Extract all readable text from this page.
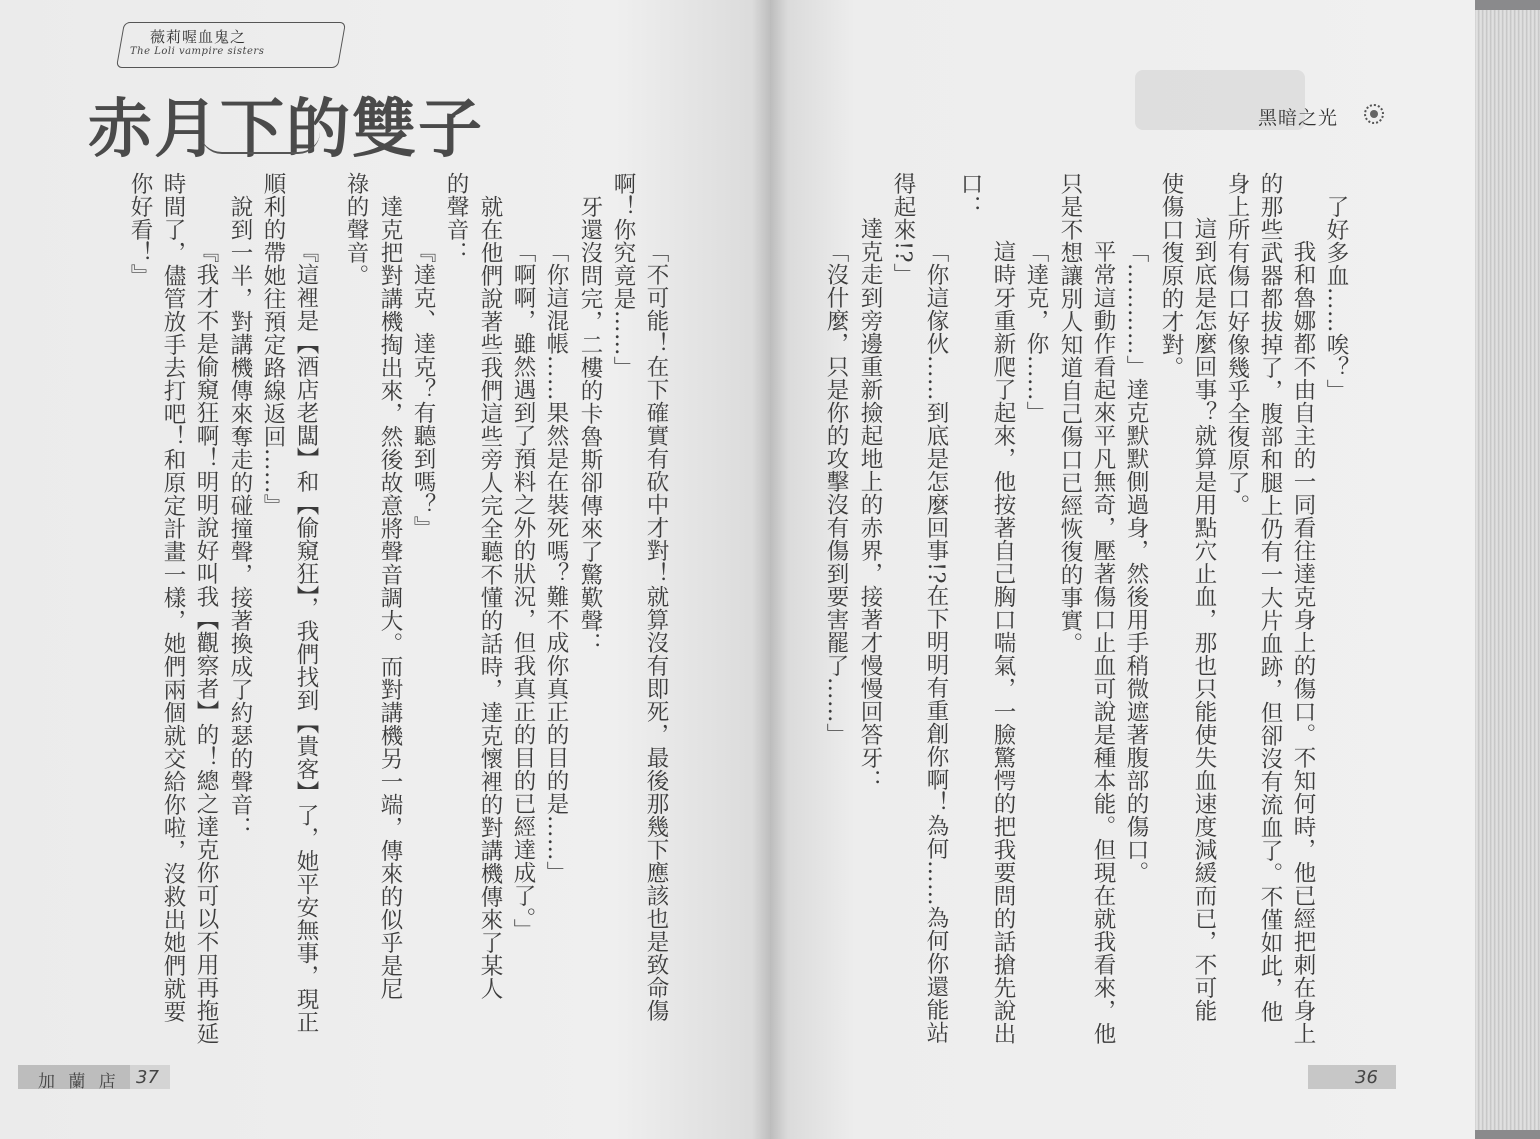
薇莉喔血鬼之
The Loli vampire sisters
赤月下的雙子
「不可能！在下確實有砍中才對！就算沒有即死，最後那幾下應該也是致命傷
啊！你究竟是……」
牙還沒問完，二樓的卡魯斯卻傳來了驚歎聲：
「你這混帳……果然是在裝死嗎？難不成你真正的目的是……」
「啊啊，雖然遇到了預料之外的狀況，但我真正的目的已經達成了。」
就在他們說著些我們這些旁人完全聽不懂的話時，達克懷裡的對講機傳來了某人
的聲音：
『達克、達克？有聽到嗎？』
達克把對講機掏出來，然後故意將聲音調大。而對講機另一端，傳來的似乎是尼
祿的聲音。
『這裡是【酒店老闆】和【偷窺狂】，我們找到【貴客】了，她平安無事，現正
順利的帶她往預定路線返回……』
說到一半，對講機傳來奪走的碰撞聲，接著換成了約瑟的聲音：
『我才不是偷窺狂啊！明明說好叫我【觀察者】的！總之達克你可以不用再拖延
時間了，儘管放手去打吧！和原定計畫一樣，她們兩個就交給你啦，沒救出她們就要
你好看！』
加 蘭 店 37
黑暗之光
了好多血……唉？」
我和魯娜都不由自主的一同看往達克身上的傷口。不知何時，他已經把刺在身上
的那些武器都拔掉了，腹部和腿上仍有一大片血跡，但卻沒有流血了。不僅如此，他
身上所有傷口好像幾乎全復原了。
這到底是怎麼回事？就算是用點穴止血，那也只能使失血速度減緩而已，不可能
使傷口復原的才對。
「…………」達克默默側過身，然後用手稍微遮著腹部的傷口。
平常這動作看起來平凡無奇，壓著傷口止血可說是種本能。但現在就我看來，他
只是不想讓別人知道自己傷口已經恢復的事實。
「達克，你……」
這時牙重新爬了起來，他按著自己胸口喘氣，一臉驚愕的把我要問的話搶先說出
口：
「你這傢伙……到底是怎麼回事!?在下明明有重創你啊！為何……為何你還能站
得起來!?」
達克走到旁邊重新撿起地上的赤界，接著才慢慢回答牙：
「沒什麼，只是你的攻擊沒有傷到要害罷了……」
36
